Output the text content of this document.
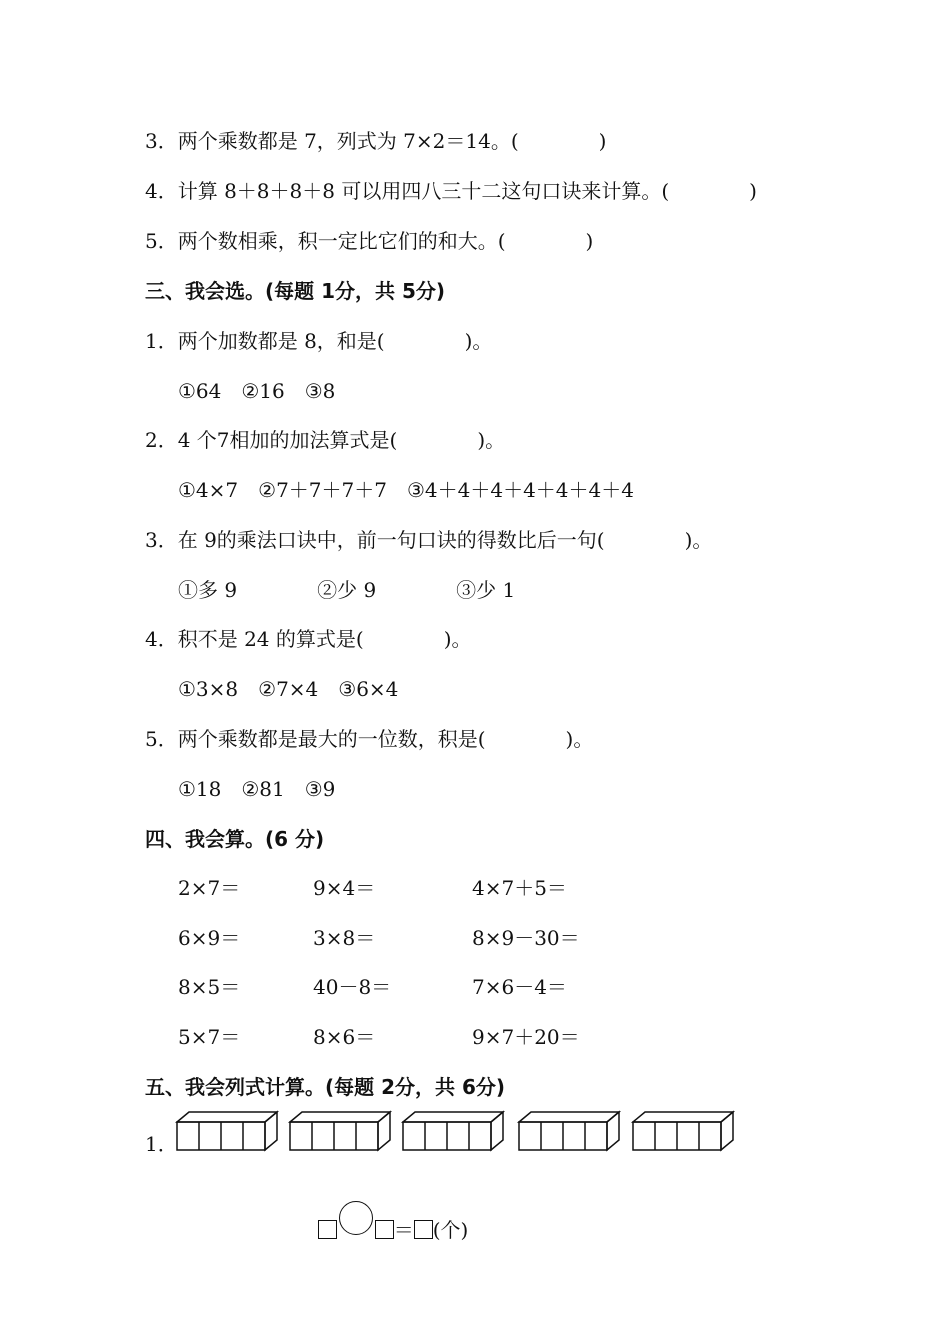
3．两个乘数都是 7，列式为 7×2＝14。(　　　　)
4．计算 8＋8＋8＋8 可以用四八三十二这句口诀来计算。(　　　　)
5．两个数相乘，积一定比它们的和大。(　　　　)
三、我会选。(每题 1分，共 5分)
1．两个加数都是 8，和是(　　　　)。
①64　②16　③8
2．4 个7相加的加法算式是(　　　　)。
①4×7　②7＋7＋7＋7　③4＋4＋4＋4＋4＋4＋4
3．在 9的乘法口诀中，前一句口诀的得数比后一句(　　　　)。
①多 9　　　　②少 9　　　　③少 1
4．积不是 24 的算式是(　　　　)。
①3×8　②7×4　③6×4
5．两个乘数都是最大的一位数，积是(　　　　)。
①18　②81　③9
四、我会算。(6 分)
2×7＝	9×4＝	4×7＋5＝
6×9＝	3×8＝	8×9－30＝
8×5＝	40－8＝	7×6－4＝
5×7＝	8×6＝	9×7＋20＝
五、我会列式计算。(每题 2分，共 6分)
1．

＝ (个)
